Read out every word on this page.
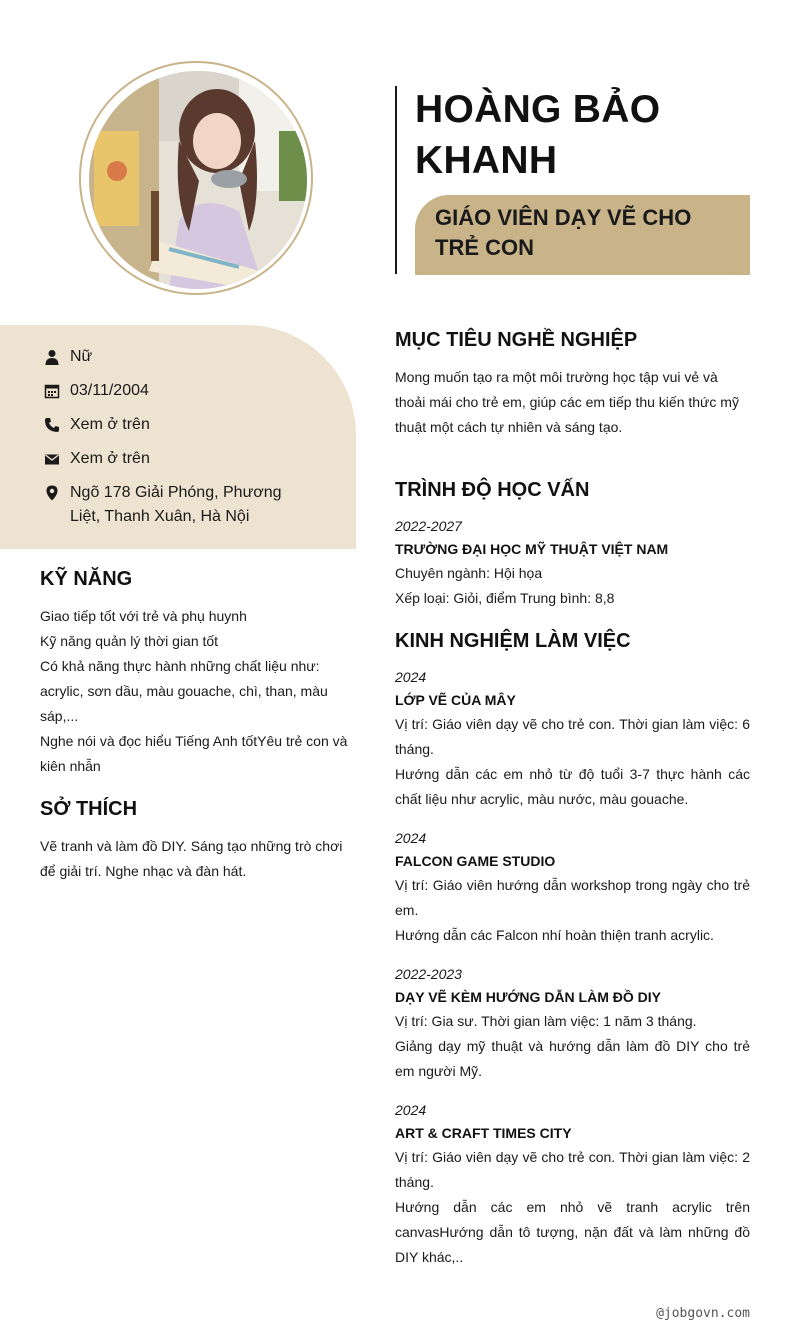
HOÀNG BẢO KHANH
GIÁO VIÊN DẠY VẼ CHO TRẺ CON
Nữ
03/11/2004
Xem ở trên
Xem ở trên
Ngõ 178 Giải Phóng, Phương Liệt, Thanh Xuân, Hà Nội
KỸ NĂNG

Giao tiếp tốt với trẻ và phụ huynh

Kỹ năng quản lý thời gian tốt

Có khả năng thực hành những chất liệu như: acrylic, sơn dầu, màu gouache, chì, than, màu sáp,...

Nghe nói và đọc hiểu Tiếng Anh tốtYêu trẻ con và kiên nhẫn

SỞ THÍCH

Vẽ tranh và làm đồ DIY. Sáng tạo những trò chơi để giải trí. Nghe nhạc và đàn hát.

MỤC TIÊU NGHỀ NGHIỆP

Mong muốn tạo ra một môi trường học tập vui vẻ và thoải mái cho trẻ em, giúp các em tiếp thu kiến thức mỹ thuật một cách tự nhiên và sáng tạo.

TRÌNH ĐỘ HỌC VẤN

2022-2027

TRƯỜNG ĐẠI HỌC MỸ THUẬT VIỆT NAM

Chuyên ngành: Hội họa

Xếp loại: Giỏi, điểm Trung bình: 8,8

KINH NGHIỆM LÀM VIỆC

2024

LỚP VẼ CỦA MÂY

Vị trí: Giáo viên dạy vẽ cho trẻ con. Thời gian làm việc: 6 tháng.

Hướng dẫn các em nhỏ từ độ tuổi 3-7 thực hành các chất liệu như acrylic, màu nước, màu gouache.

2024

FALCON GAME STUDIO

Vị trí: Giáo viên hướng dẫn workshop trong ngày cho trẻ em.

Hướng dẫn các Falcon nhí hoàn thiện tranh acrylic.

2022-2023

DẠY VẼ KÈM HƯỚNG DẪN LÀM ĐỒ DIY

Vị trí: Gia sư. Thời gian làm việc: 1 năm 3 tháng.

Giảng dạy mỹ thuật và hướng dẫn làm đồ DIY cho trẻ em người Mỹ.

2024

ART & CRAFT TIMES CITY

Vị trí: Giáo viên dạy vẽ cho trẻ con. Thời gian làm việc: 2 tháng.

Hướng dẫn các em nhỏ vẽ tranh acrylic trên canvasHướng dẫn tô tượng, nặn đất và làm những đồ DIY khác,..

@jobgovn.com
